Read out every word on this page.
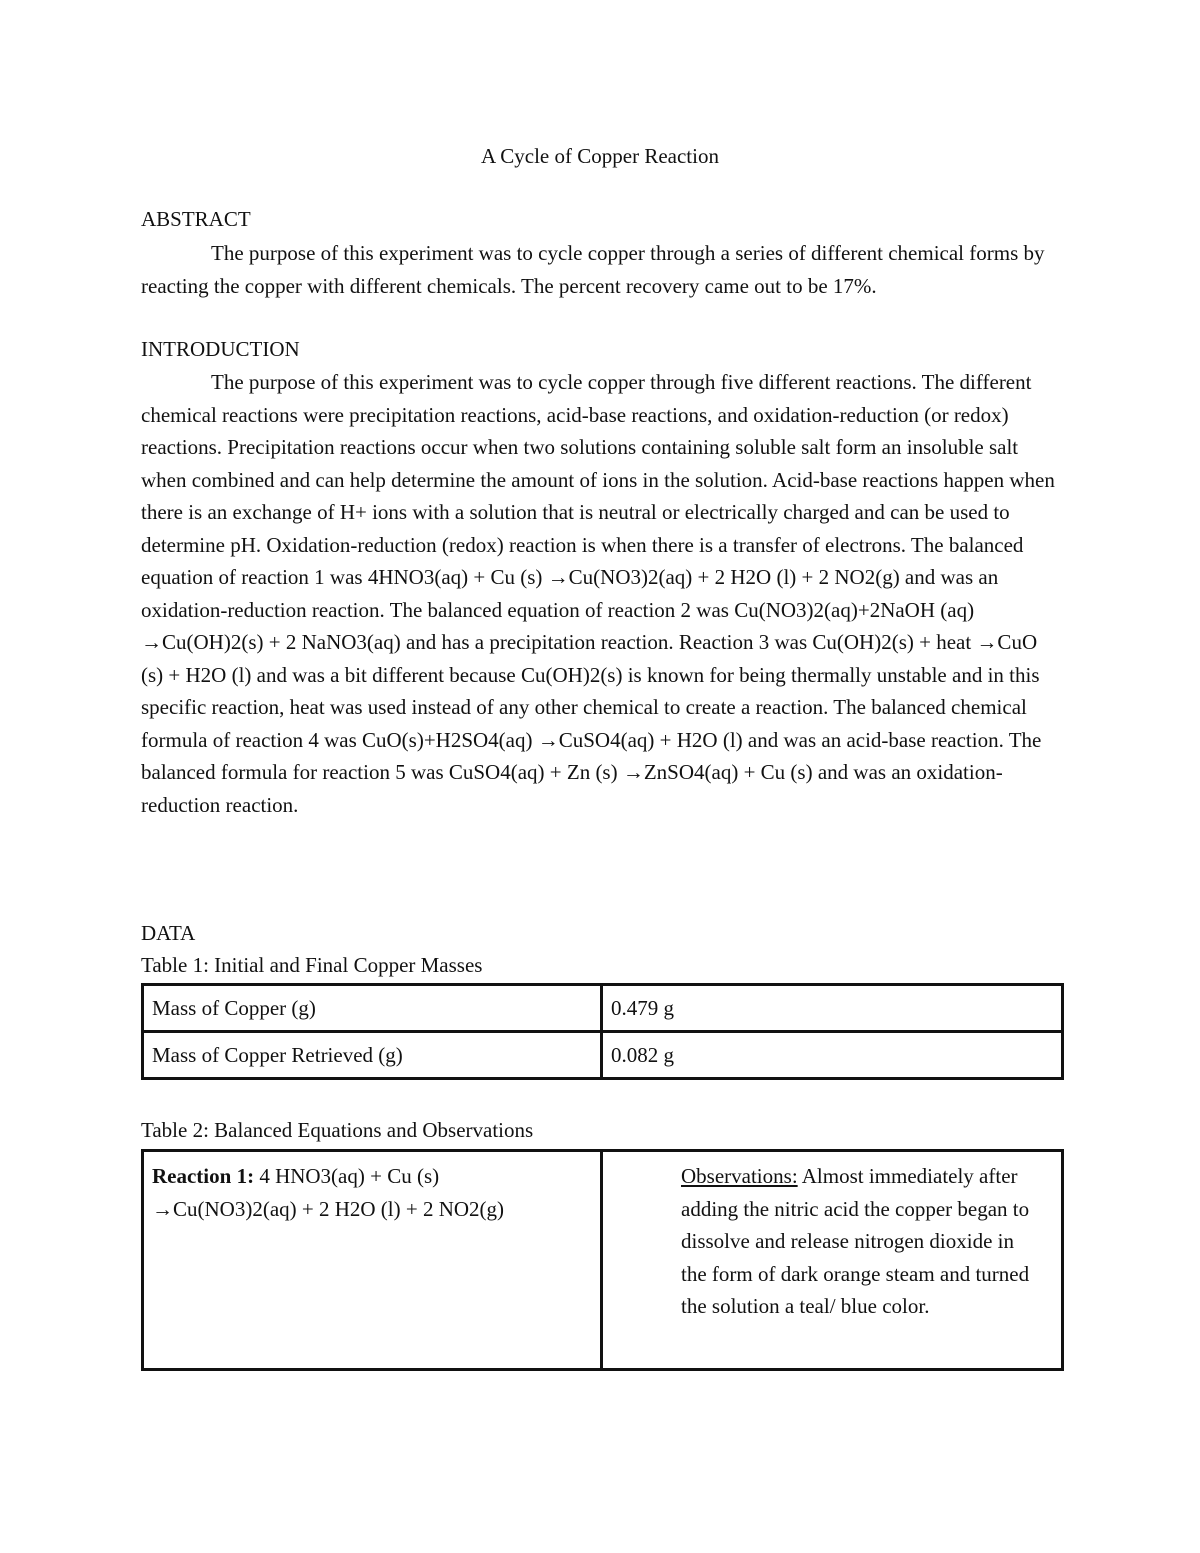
A Cycle of Copper Reaction
ABSTRACT

The purpose of this experiment was to cycle copper through a series of different chemical forms by reacting the copper with different chemicals. The percent recovery came out to be 17%.

INTRODUCTION

The purpose of this experiment was to cycle copper through five different reactions. The different chemical reactions were precipitation reactions, acid-base reactions, and oxidation-reduction (or redox) reactions. Precipitation reactions occur when two solutions containing soluble salt form an insoluble salt when combined and can help determine the amount of ions in the solution. Acid-base reactions happen when there is an exchange of H+ ions with a solution that is neutral or electrically charged and can be used to determine pH. Oxidation-reduction (redox) reaction is when there is a transfer of electrons. The balanced equation of reaction 1 was 4HNO3(aq) + Cu (s) →Cu(NO3)2(aq) + 2 H2O (l) + 2 NO2(g) and was an oxidation-reduction reaction. The balanced equation of reaction 2 was Cu(NO3)2(aq)+2NaOH (aq) →Cu(OH)2(s) + 2 NaNO3(aq) and has a precipitation reaction. Reaction 3 was Cu(OH)2(s) + heat →CuO (s) + H2O (l) and was a bit different because Cu(OH)2(s) is known for being thermally unstable and in this specific reaction, heat was used instead of any other chemical to create a reaction. The balanced chemical formula of reaction 4 was CuO(s)+H2SO4(aq) →CuSO4(aq) + H2O (l) and was an acid-base reaction. The balanced formula for reaction 5 was CuSO4(aq) + Zn (s) →ZnSO4(aq) + Cu (s) and was an oxidation-reduction reaction.

DATA
Table 1: Initial and Final Copper Masses
Mass of Copper (g)	0.479 g
Mass of Copper Retrieved (g)	0.082 g
Table 2: Balanced Equations and Observations
Reaction 1: 4 HNO3(aq) + Cu (s)
→Cu(NO3)2(aq) + 2 H2O (l) + 2 NO2(g)	Observations: Almost immediately after adding the nitric acid the copper began to dissolve and release nitrogen dioxide in the form of dark orange steam and turned the solution a teal/ blue color.
